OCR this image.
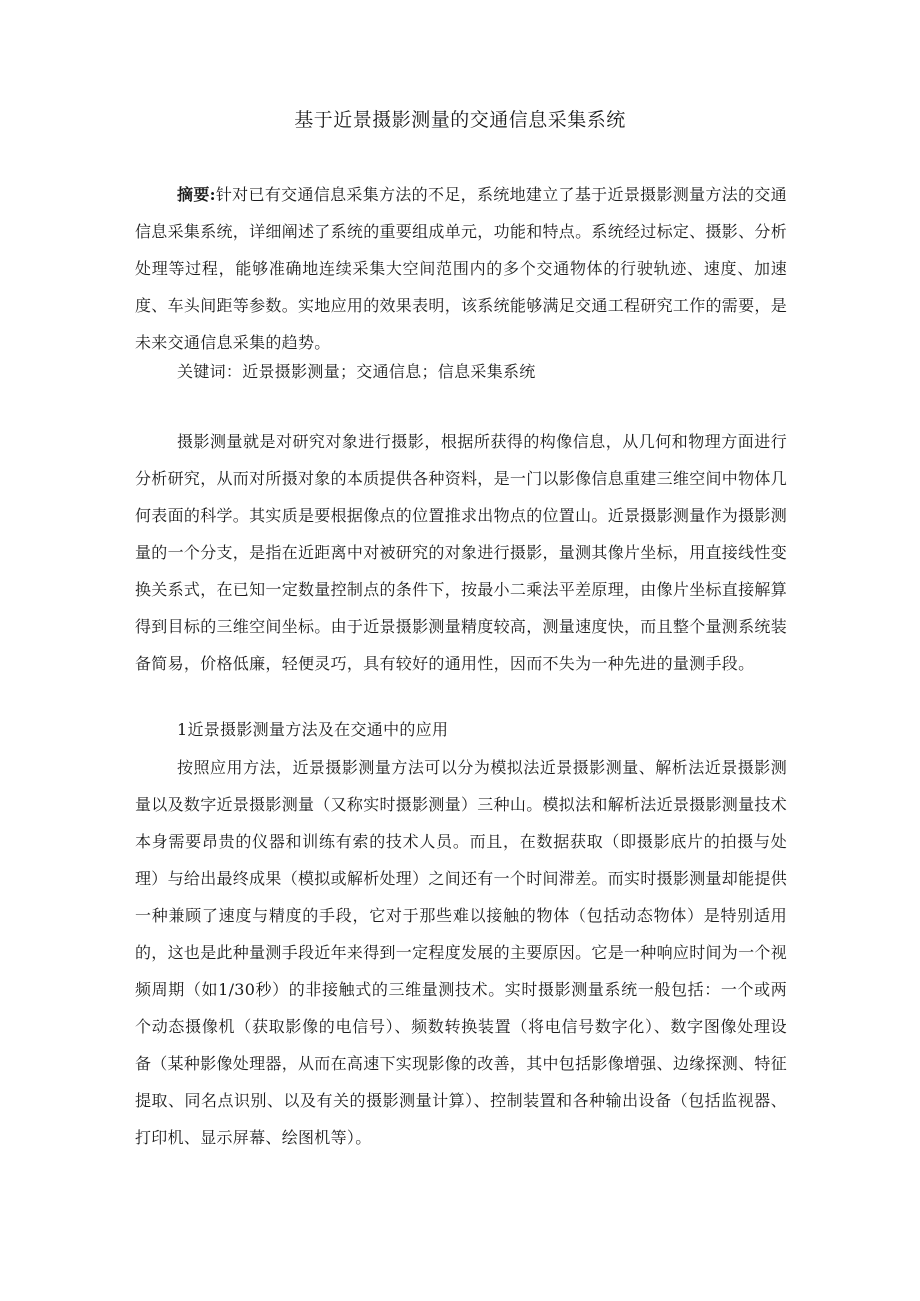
基于近景摄影测量的交通信息采集系统
摘要:针对已有交通信息采集方法的不足，系统地建立了基于近景摄影测量方法的交通信息采集系统，详细阐述了系统的重要组成单元，功能和特点。系统经过标定、摄影、分析处理等过程，能够准确地连续采集大空间范围内的多个交通物体的行驶轨迹、速度、加速度、车头间距等参数。实地应用的效果表明，该系统能够满足交通工程研究工作的需要，是未来交通信息采集的趋势。
关键词：近景摄影测量；交通信息；信息采集系统
摄影测量就是对研究对象进行摄影，根据所获得的构像信息，从几何和物理方面进行分析研究，从而对所摄对象的本质提供各种资料，是一门以影像信息重建三维空间中物体几何表面的科学。其实质是要根据像点的位置推求出物点的位置山。近景摄影测量作为摄影测量的一个分支，是指在近距离中对被研究的对象进行摄影，量测其像片坐标，用直接线性变换关系式，在已知一定数量控制点的条件下，按最小二乘法平差原理，由像片坐标直接解算得到目标的三维空间坐标。由于近景摄影测量精度较高，测量速度快，而且整个量测系统装备简易，价格低廉，轻便灵巧，具有较好的通用性，因而不失为一种先进的量测手段。
1近景摄影测量方法及在交通中的应用
按照应用方法，近景摄影测量方法可以分为模拟法近景摄影测量、解析法近景摄影测量以及数字近景摄影测量（又称实时摄影测量）三种山。模拟法和解析法近景摄影测量技术本身需要昂贵的仪器和训练有索的技术人员。而且，在数据获取（即摄影底片的拍摄与处理）与给出最终成果（模拟或解析处理）之间还有一个时间滞差。而实时摄影测量却能提供一种兼顾了速度与精度的手段，它对于那些难以接触的物体（包括动态物体）是特别适用的，这也是此种量测手段近年来得到一定程度发展的主要原因。它是一种响应时间为一个视频周期（如1/30秒）的非接触式的三维量测技术。实时摄影测量系统一般包括：一个或两个动态摄像机（获取影像的电信号）、频数转换装置（将电信号数字化）、数字图像处理设备（某种影像处理器，从而在高速下实现影像的改善，其中包括影像增强、边缘探测、特征提取、同名点识别、以及有关的摄影测量计算）、控制装置和各种输出设备（包括监视器、打印机、显示屏幕、绘图机等）。
